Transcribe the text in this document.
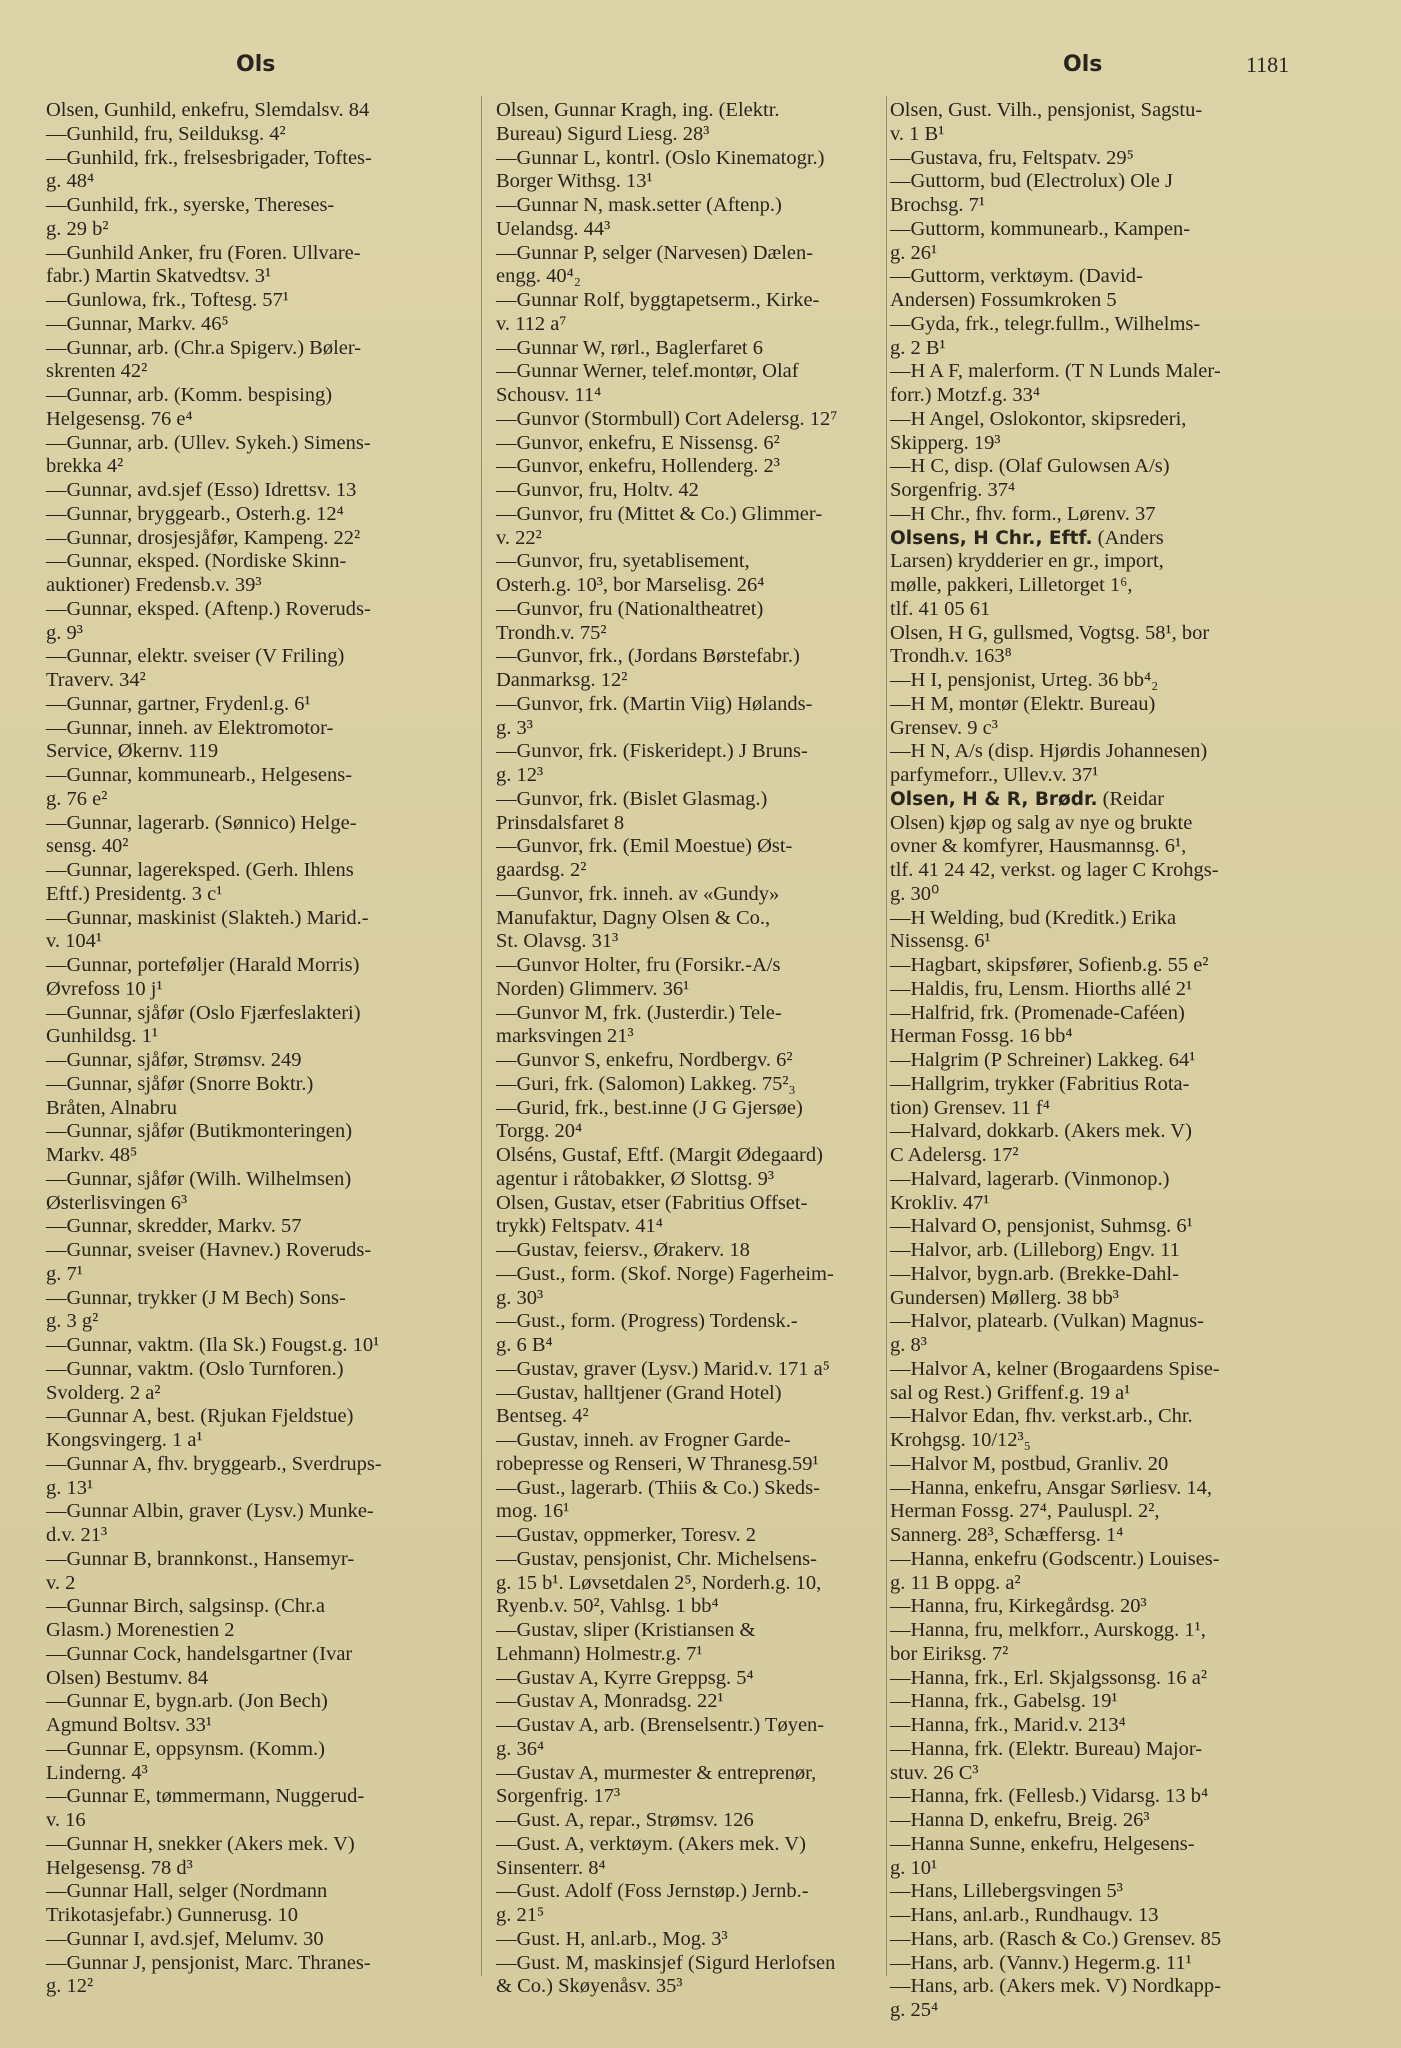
Ols	Ols	1181
Olsen, Gunhild, enkefru, Slemdalsv. 84
—Gunhild, fru, Seilduksg. 4²
—Gunhild, frk., frelsesbrigader, Toftes-
g. 48⁴
—Gunhild, frk., syerske, Thereses-
g. 29 b²
—Gunhild Anker, fru (Foren. Ullvare-
fabr.) Martin Skatvedtsv. 3¹
—Gunlowa, frk., Toftesg. 57¹
—Gunnar, Markv. 46⁵
—Gunnar, arb. (Chr.a Spigerv.) Bøler-
skrenten 42²
—Gunnar, arb. (Komm. bespising)
Helgesensg. 76 e⁴
—Gunnar, arb. (Ullev. Sykeh.) Simens-
brekka 4²
—Gunnar, avd.sjef (Esso) Idrettsv. 13
—Gunnar, bryggearb., Osterh.g. 12⁴
—Gunnar, drosjesjåfør, Kampeng. 22²
—Gunnar, eksped. (Nordiske Skinn-
auktioner) Fredensb.v. 39³
—Gunnar, eksped. (Aftenp.) Roveruds-
g. 9³
—Gunnar, elektr. sveiser (V Friling)
Traverv. 34²
—Gunnar, gartner, Frydenl.g. 6¹
—Gunnar, inneh. av Elektromotor-
Service, Økernv. 119
—Gunnar, kommunearb., Helgesens-
g. 76 e²
—Gunnar, lagerarb. (Sønnico) Helge-
sensg. 40²
—Gunnar, lagereksped. (Gerh. Ihlens
Eftf.) Presidentg. 3 c¹
—Gunnar, maskinist (Slakteh.) Marid.-
v. 104¹
—Gunnar, porteføljer (Harald Morris)
Øvrefoss 10 j¹
—Gunnar, sjåfør (Oslo Fjærfeslakteri)
Gunhildsg. 1¹
—Gunnar, sjåfør, Strømsv. 249
—Gunnar, sjåfør (Snorre Boktr.)
Bråten, Alnabru
—Gunnar, sjåfør (Butikmonteringen)
Markv. 48⁵
—Gunnar, sjåfør (Wilh. Wilhelmsen)
Østerlisvingen 6³
—Gunnar, skredder, Markv. 57
—Gunnar, sveiser (Havnev.) Roveruds-
g. 7¹
—Gunnar, trykker (J M Bech) Sons-
g. 3 g²
—Gunnar, vaktm. (Ila Sk.) Fougst.g. 10¹
—Gunnar, vaktm. (Oslo Turnforen.)
Svolderg. 2 a²
—Gunnar A, best. (Rjukan Fjeldstue)
Kongsvingerg. 1 a¹
—Gunnar A, fhv. bryggearb., Sverdrups-
g. 13¹
—Gunnar Albin, graver (Lysv.) Munke-
d.v. 21³
—Gunnar B, brannkonst., Hansemyr-
v. 2
—Gunnar Birch, salgsinsp. (Chr.a
Glasm.) Morenestien 2
—Gunnar Cock, handelsgartner (Ivar
Olsen) Bestumv. 84
—Gunnar E, bygn.arb. (Jon Bech)
Agmund Boltsv. 33¹
—Gunnar E, oppsynsm. (Komm.)
Linderng. 4³
—Gunnar E, tømmermann, Nuggerud-
v. 16
—Gunnar H, snekker (Akers mek. V)
Helgesensg. 78 d³
—Gunnar Hall, selger (Nordmann
Trikotasjefabr.) Gunnerusg. 10
—Gunnar I, avd.sjef, Melumv. 30
—Gunnar J, pensjonist, Marc. Thranes-
g. 12²
Olsen, Gunnar Kragh, ing. (Elektr.
Bureau) Sigurd Liesg. 28³
—Gunnar L, kontrl. (Oslo Kinematogr.)
Borger Withsg. 13¹
—Gunnar N, mask.setter (Aftenp.)
Uelandsg. 44³
—Gunnar P, selger (Narvesen) Dælen-
engg. 40⁴₂
—Gunnar Rolf, byggtapetserm., Kirke-
v. 112 a⁷
—Gunnar W, rørl., Baglerfaret 6
—Gunnar Werner, telef.montør, Olaf
Schousv. 11⁴
—Gunvor (Stormbull) Cort Adelersg. 12⁷
—Gunvor, enkefru, E Nissensg. 6²
—Gunvor, enkefru, Hollenderg. 2³
—Gunvor, fru, Holtv. 42
—Gunvor, fru (Mittet & Co.) Glimmer-
v. 22²
—Gunvor, fru, syetablisement,
Osterh.g. 10³, bor Marselisg. 26⁴
—Gunvor, fru (Nationaltheatret)
Trondh.v. 75²
—Gunvor, frk., (Jordans Børstefabr.)
Danmarksg. 12²
—Gunvor, frk. (Martin Viig) Hølands-
g. 3³
—Gunvor, frk. (Fiskeridept.) J Bruns-
g. 12³
—Gunvor, frk. (Bislet Glasmag.)
Prinsdalsfaret 8
—Gunvor, frk. (Emil Moestue) Øst-
gaardsg. 2²
—Gunvor, frk. inneh. av «Gundy»
Manufaktur, Dagny Olsen & Co.,
St. Olavsg. 31³
—Gunvor Holter, fru (Forsikr.-A/s
Norden) Glimmerv. 36¹
—Gunvor M, frk. (Justerdir.) Tele-
marksvingen 21³
—Gunvor S, enkefru, Nordbergv. 6²
—Guri, frk. (Salomon) Lakkeg. 75²₃
—Gurid, frk., best.inne (J G Gjersøe)
Torgg. 20⁴
Olséns, Gustaf, Eftf. (Margit Ødegaard)
agentur i råtobakker, Ø Slottsg. 9³
Olsen, Gustav, etser (Fabritius Offset-
trykk) Feltspatv. 41⁴
—Gustav, feiersv., Ørakerv. 18
—Gust., form. (Skof. Norge) Fagerheim-
g. 30³
—Gust., form. (Progress) Tordensk.-
g. 6 B⁴
—Gustav, graver (Lysv.) Marid.v. 171 a⁵
—Gustav, halltjener (Grand Hotel)
Bentseg. 4²
—Gustav, inneh. av Frogner Garde-
robepresse og Renseri, W Thranesg.59¹
—Gust., lagerarb. (Thiis & Co.) Skeds-
mog. 16¹
—Gustav, oppmerker, Toresv. 2
—Gustav, pensjonist, Chr. Michelsens-
g. 15 b¹. Løvsetdalen 2⁵, Norderh.g. 10,
Ryenb.v. 50², Vahlsg. 1 bb⁴
—Gustav, sliper (Kristiansen &
Lehmann) Holmestr.g. 7¹
—Gustav A, Kyrre Greppsg. 5⁴
—Gustav A, Monradsg. 22¹
—Gustav A, arb. (Brenselsentr.) Tøyen-
g. 36⁴
—Gustav A, murmester & entreprenør,
Sorgenfrig. 17³
—Gust. A, repar., Strømsv. 126
—Gust. A, verktøym. (Akers mek. V)
Sinsenterr. 8⁴
—Gust. Adolf (Foss Jernstøp.) Jernb.-
g. 21⁵
—Gust. H, anl.arb., Mog. 3³
—Gust. M, maskinsjef (Sigurd Herlofsen
& Co.) Skøyenåsv. 35³
Olsen, Gust. Vilh., pensjonist, Sagstu-
v. 1 B¹
—Gustava, fru, Feltspatv. 29⁵
—Guttorm, bud (Electrolux) Ole J
Brochsg. 7¹
—Guttorm, kommunearb., Kampen-
g. 26¹
—Guttorm, verktøym. (David-
Andersen) Fossumkroken 5
—Gyda, frk., telegr.fullm., Wilhelms-
g. 2 B¹
—H A F, malerform. (T N Lunds Maler-
forr.) Motzf.g. 33⁴
—H Angel, Oslokontor, skipsrederi,
Skipperg. 19³
—H C, disp. (Olaf Gulowsen A/s)
Sorgenfrig. 37⁴
—H Chr., fhv. form., Lørenv. 37
Olsens, H Chr., Eftf. (Anders
Larsen) krydderier en gr., import,
mølle, pakkeri, Lilletorget 1⁶,
tlf. 41 05 61
Olsen, H G, gullsmed, Vogtsg. 58¹, bor
Trondh.v. 163⁸
—H I, pensjonist, Urteg. 36 bb⁴₂
—H M, montør (Elektr. Bureau)
Grensev. 9 c³
—H N, A/s (disp. Hjørdis Johannesen)
parfymeforr., Ullev.v. 37¹
Olsen, H & R, Brødr. (Reidar
Olsen) kjøp og salg av nye og brukte
ovner & komfyrer, Hausmannsg. 6¹,
tlf. 41 24 42, verkst. og lager C Krohgs-
g. 30⁰
—H Welding, bud (Kreditk.) Erika
Nissensg. 6¹
—Hagbart, skipsfører, Sofienb.g. 55 e²
—Haldis, fru, Lensm. Hiorths allé 2¹
—Halfrid, frk. (Promenade-Caféen)
Herman Fossg. 16 bb⁴
—Halgrim (P Schreiner) Lakkeg. 64¹
—Hallgrim, trykker (Fabritius Rota-
tion) Grensev. 11 f⁴
—Halvard, dokkarb. (Akers mek. V)
C Adelersg. 17²
—Halvard, lagerarb. (Vinmonop.)
Krokliv. 47¹
—Halvard O, pensjonist, Suhmsg. 6¹
—Halvor, arb. (Lilleborg) Engv. 11
—Halvor, bygn.arb. (Brekke-Dahl-
Gundersen) Møllerg. 38 bb³
—Halvor, platearb. (Vulkan) Magnus-
g. 8³
—Halvor A, kelner (Brogaardens Spise-
sal og Rest.) Griffenf.g. 19 a¹
—Halvor Edan, fhv. verkst.arb., Chr.
Krohgsg. 10/12³₅
—Halvor M, postbud, Granliv. 20
—Hanna, enkefru, Ansgar Sørliesv. 14,
Herman Fossg. 27⁴, Pauluspl. 2²,
Sannerg. 28³, Schæffersg. 1⁴
—Hanna, enkefru (Godscentr.) Louises-
g. 11 B oppg. a²
—Hanna, fru, Kirkegårdsg. 20³
—Hanna, fru, melkforr., Aurskogg. 1¹,
bor Eiriksg. 7²
—Hanna, frk., Erl. Skjalgssonsg. 16 a²
—Hanna, frk., Gabelsg. 19¹
—Hanna, frk., Marid.v. 213⁴
—Hanna, frk. (Elektr. Bureau) Major-
stuv. 26 C³
—Hanna, frk. (Fellesb.) Vidarsg. 13 b⁴
—Hanna D, enkefru, Breig. 26³
—Hanna Sunne, enkefru, Helgesens-
g. 10¹
—Hans, Lillebergsvingen 5³
—Hans, anl.arb., Rundhaugv. 13
—Hans, arb. (Rasch & Co.) Grensev. 85
—Hans, arb. (Vannv.) Hegerm.g. 11¹
—Hans, arb. (Akers mek. V) Nordkapp-
g. 25⁴
